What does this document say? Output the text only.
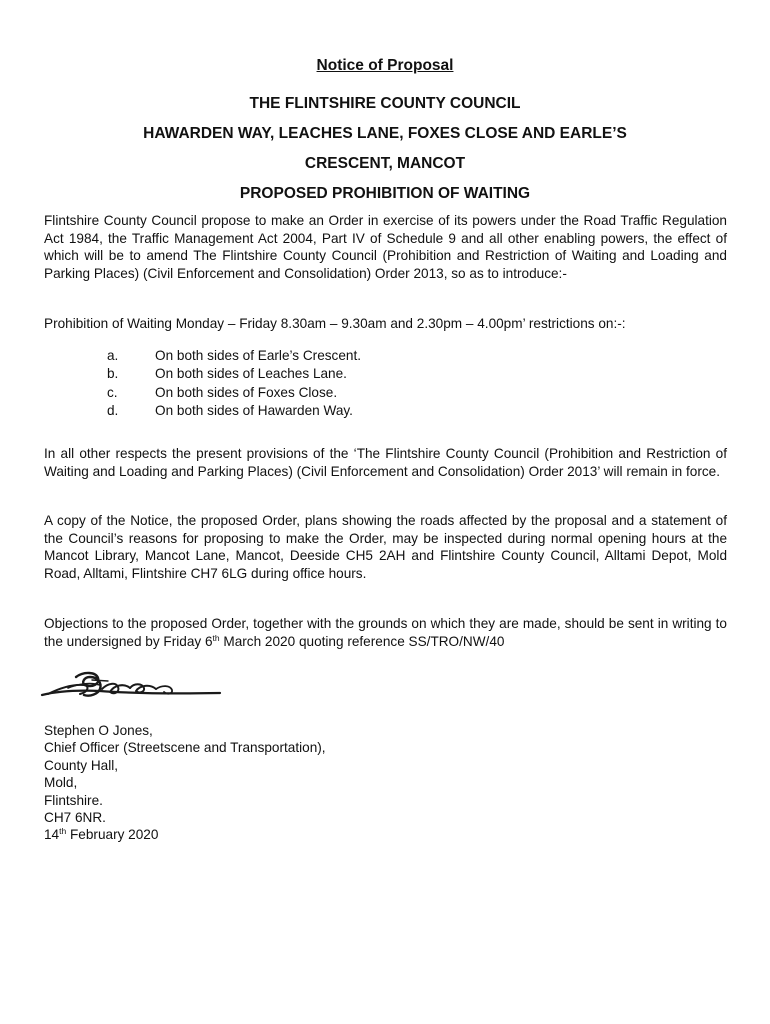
Notice of Proposal
THE FLINTSHIRE COUNTY COUNCIL
HAWARDEN WAY, LEACHES LANE, FOXES CLOSE AND EARLE’S
CRESCENT, MANCOT
PROPOSED PROHIBITION OF WAITING
Flintshire County Council propose to make an Order in exercise of its powers under the Road Traffic Regulation Act 1984, the Traffic Management Act 2004, Part IV of Schedule 9 and all other enabling powers, the effect of which will be to amend The Flintshire County Council (Prohibition and Restriction of Waiting and Loading and Parking Places) (Civil Enforcement and Consolidation) Order 2013, so as to introduce:-
Prohibition of Waiting Monday – Friday 8.30am – 9.30am and 2.30pm – 4.00pm’ restrictions on:-:
a.	On both sides of Earle’s Crescent.
b.	On both sides of Leaches Lane.
c.	On both sides of Foxes Close.
d.	On both sides of Hawarden Way.
In all other respects the present provisions of the ‘The Flintshire County Council (Prohibition and Restriction of Waiting and Loading and Parking Places) (Civil Enforcement and Consolidation) Order 2013’ will remain in force.
A copy of the Notice, the proposed Order, plans showing the roads affected by the proposal and a statement of the Council’s reasons for proposing to make the Order, may be inspected during normal opening hours at the Mancot Library, Mancot Lane, Mancot, Deeside CH5 2AH and Flintshire County Council, Alltami Depot, Mold Road, Alltami, Flintshire CH7 6LG during office hours.
Objections to the proposed Order, together with the grounds on which they are made, should be sent in writing to the undersigned by Friday 6th March 2020 quoting reference SS/TRO/NW/40
Stephen O Jones,
Chief Officer (Streetscene and Transportation),
County Hall,
Mold,
Flintshire.
CH7 6NR.
14th February 2020
